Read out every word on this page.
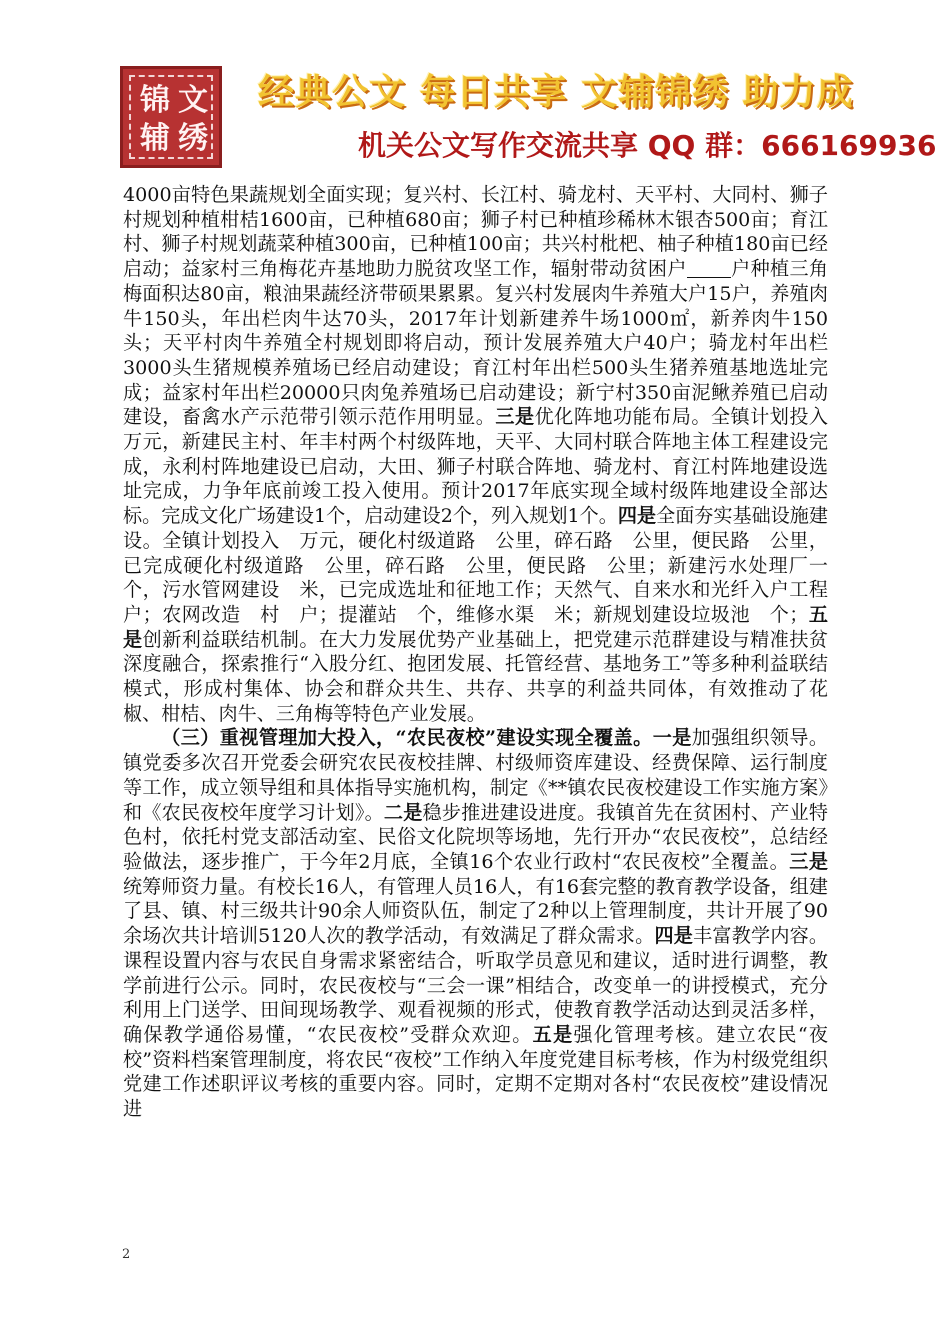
锦 文
辅 绣
经典公文 每日共享 文辅锦绣 助力成
机关公文写作交流共享 QQ 群：666169936

4000亩特色果蔬规划全面实现；复兴村、长江村、骑龙村、天平村、大同村、狮子村规划种植柑桔1600亩，已种植680亩；狮子村已种植珍稀林木银杏500亩；育江村、狮子村规划蔬菜种植300亩，已种植100亩；共兴村枇杷、柚子种植180亩已经启动；益家村三角梅花卉基地助力脱贫攻坚工作，辐射带动贫困户 户种植三角梅面积达80亩，粮油果蔬经济带硕果累累。复兴村发展肉牛养殖大户15户，养殖肉牛150头，年出栏肉牛达70头，2017年计划新建养牛场1000㎡，新养肉牛150头；天平村肉牛养殖全村规划即将启动，预计发展养殖大户40户；骑龙村年出栏3000头生猪规模养殖场已经启动建设；育江村年出栏500头生猪养殖基地选址完成；益家村年出栏20000只肉兔养殖场已启动建设；新宁村350亩泥鳅养殖已启动建设，畜禽水产示范带引领示范作用明显。三是优化阵地功能布局。全镇计划投入　万元，新建民主村、年丰村两个村级阵地，天平、大同村联合阵地主体工程建设完成，永利村阵地建设已启动，大田、狮子村联合阵地、骑龙村、育江村阵地建设选址完成，力争年底前竣工投入使用。预计2017年底实现全域村级阵地建设全部达标。完成文化广场建设1个，启动建设2个，列入规划1个。四是全面夯实基础设施建设。全镇计划投入　万元，硬化村级道路　公里，碎石路　公里，便民路　公里，已完成硬化村级道路　公里，碎石路　公里，便民路　公里；新建污水处理厂一个，污水管网建设　米，已完成选址和征地工作；天然气、自来水和光纤入户工程　户；农网改造　村　户；提灌站　个，维修水渠　米；新规划建设垃圾池　个；五是创新利益联结机制。在大力发展优势产业基础上，把党建示范群建设与精准扶贫深度融合，探索推行“入股分红、抱团发展、托管经营、基地务工”等多种利益联结模式，形成村集体、协会和群众共生、共存、共享的利益共同体，有效推动了花椒、柑桔、肉牛、三角梅等特色产业发展。

（三）重视管理加大投入，“农民夜校”建设实现全覆盖。一是加强组织领导。镇党委多次召开党委会研究农民夜校挂牌、村级师资库建设、经费保障、运行制度等工作，成立领导组和具体指导实施机构，制定《**镇农民夜校建设工作实施方案》和《农民夜校年度学习计划》。二是稳步推进建设进度。我镇首先在贫困村、产业特色村，依托村党支部活动室、民俗文化院坝等场地，先行开办“农民夜校”，总结经验做法，逐步推广，于今年2月底，全镇16个农业行政村“农民夜校”全覆盖。三是统筹师资力量。有校长16人，有管理人员16人，有16套完整的教育教学设备，组建了县、镇、村三级共计90余人师资队伍，制定了2种以上管理制度，共计开展了90余场次共计培训5120人次的教学活动，有效满足了群众需求。四是丰富教学内容。课程设置内容与农民自身需求紧密结合，听取学员意见和建议，适时进行调整，教学前进行公示。同时，农民夜校与“三会一课”相结合，改变单一的讲授模式，充分利用上门送学、田间现场教学、观看视频的形式，使教育教学活动达到灵活多样，确保教学通俗易懂，“农民夜校”受群众欢迎。五是强化管理考核。建立农民“夜校”资料档案管理制度，将农民“夜校”工作纳入年度党建目标考核，作为村级党组织党建工作述职评议考核的重要内容。同时，定期不定期对各村“农民夜校”建设情况进

2
